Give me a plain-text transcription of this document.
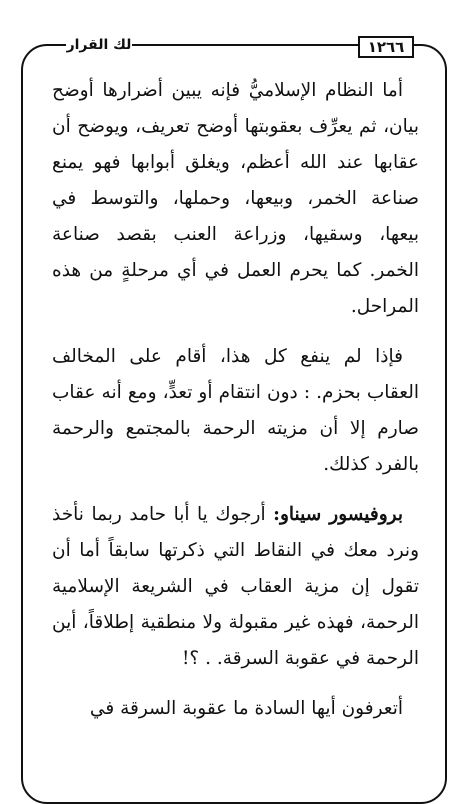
١٢٦٦
لك القرار

أما النظام الإسلاميُّ فإنه يبين أضرارها أوضح بيان، ثم يعرِّف بعقوبتها أوضح تعريف، ويوضح أن عقابها عند الله أعظم، ويغلق أبوابها فهو يمنع صناعة الخمر، وبيعها، وحملها، والتوسط في بيعها، وسقيها، وزراعة العنب بقصد صناعة الخمر. كما يحرم العمل في أي مرحلةٍ من هذه المراحل.

فإذا لم ينفع كل هذا، أقام على المخالف العقاب بحزم. : دون انتقام أو تعدٍّ، ومع أنه عقاب صارم إلا أن مزيته الرحمة بالمجتمع والرحمة بالفرد كذلك.

بروفيسور سيناو: أرجوك يا أبا حامد ربما نأخذ ونرد معك في النقاط التي ذكرتها سابقاً أما أن تقول إن مزية العقاب في الشريعة الإسلامية الرحمة، فهذه غير مقبولة ولا منطقية إطلاقاً، أين الرحمة في عقوبة السرقة. . ؟!

أتعرفون أيها السادة ما عقوبة السرقة في
